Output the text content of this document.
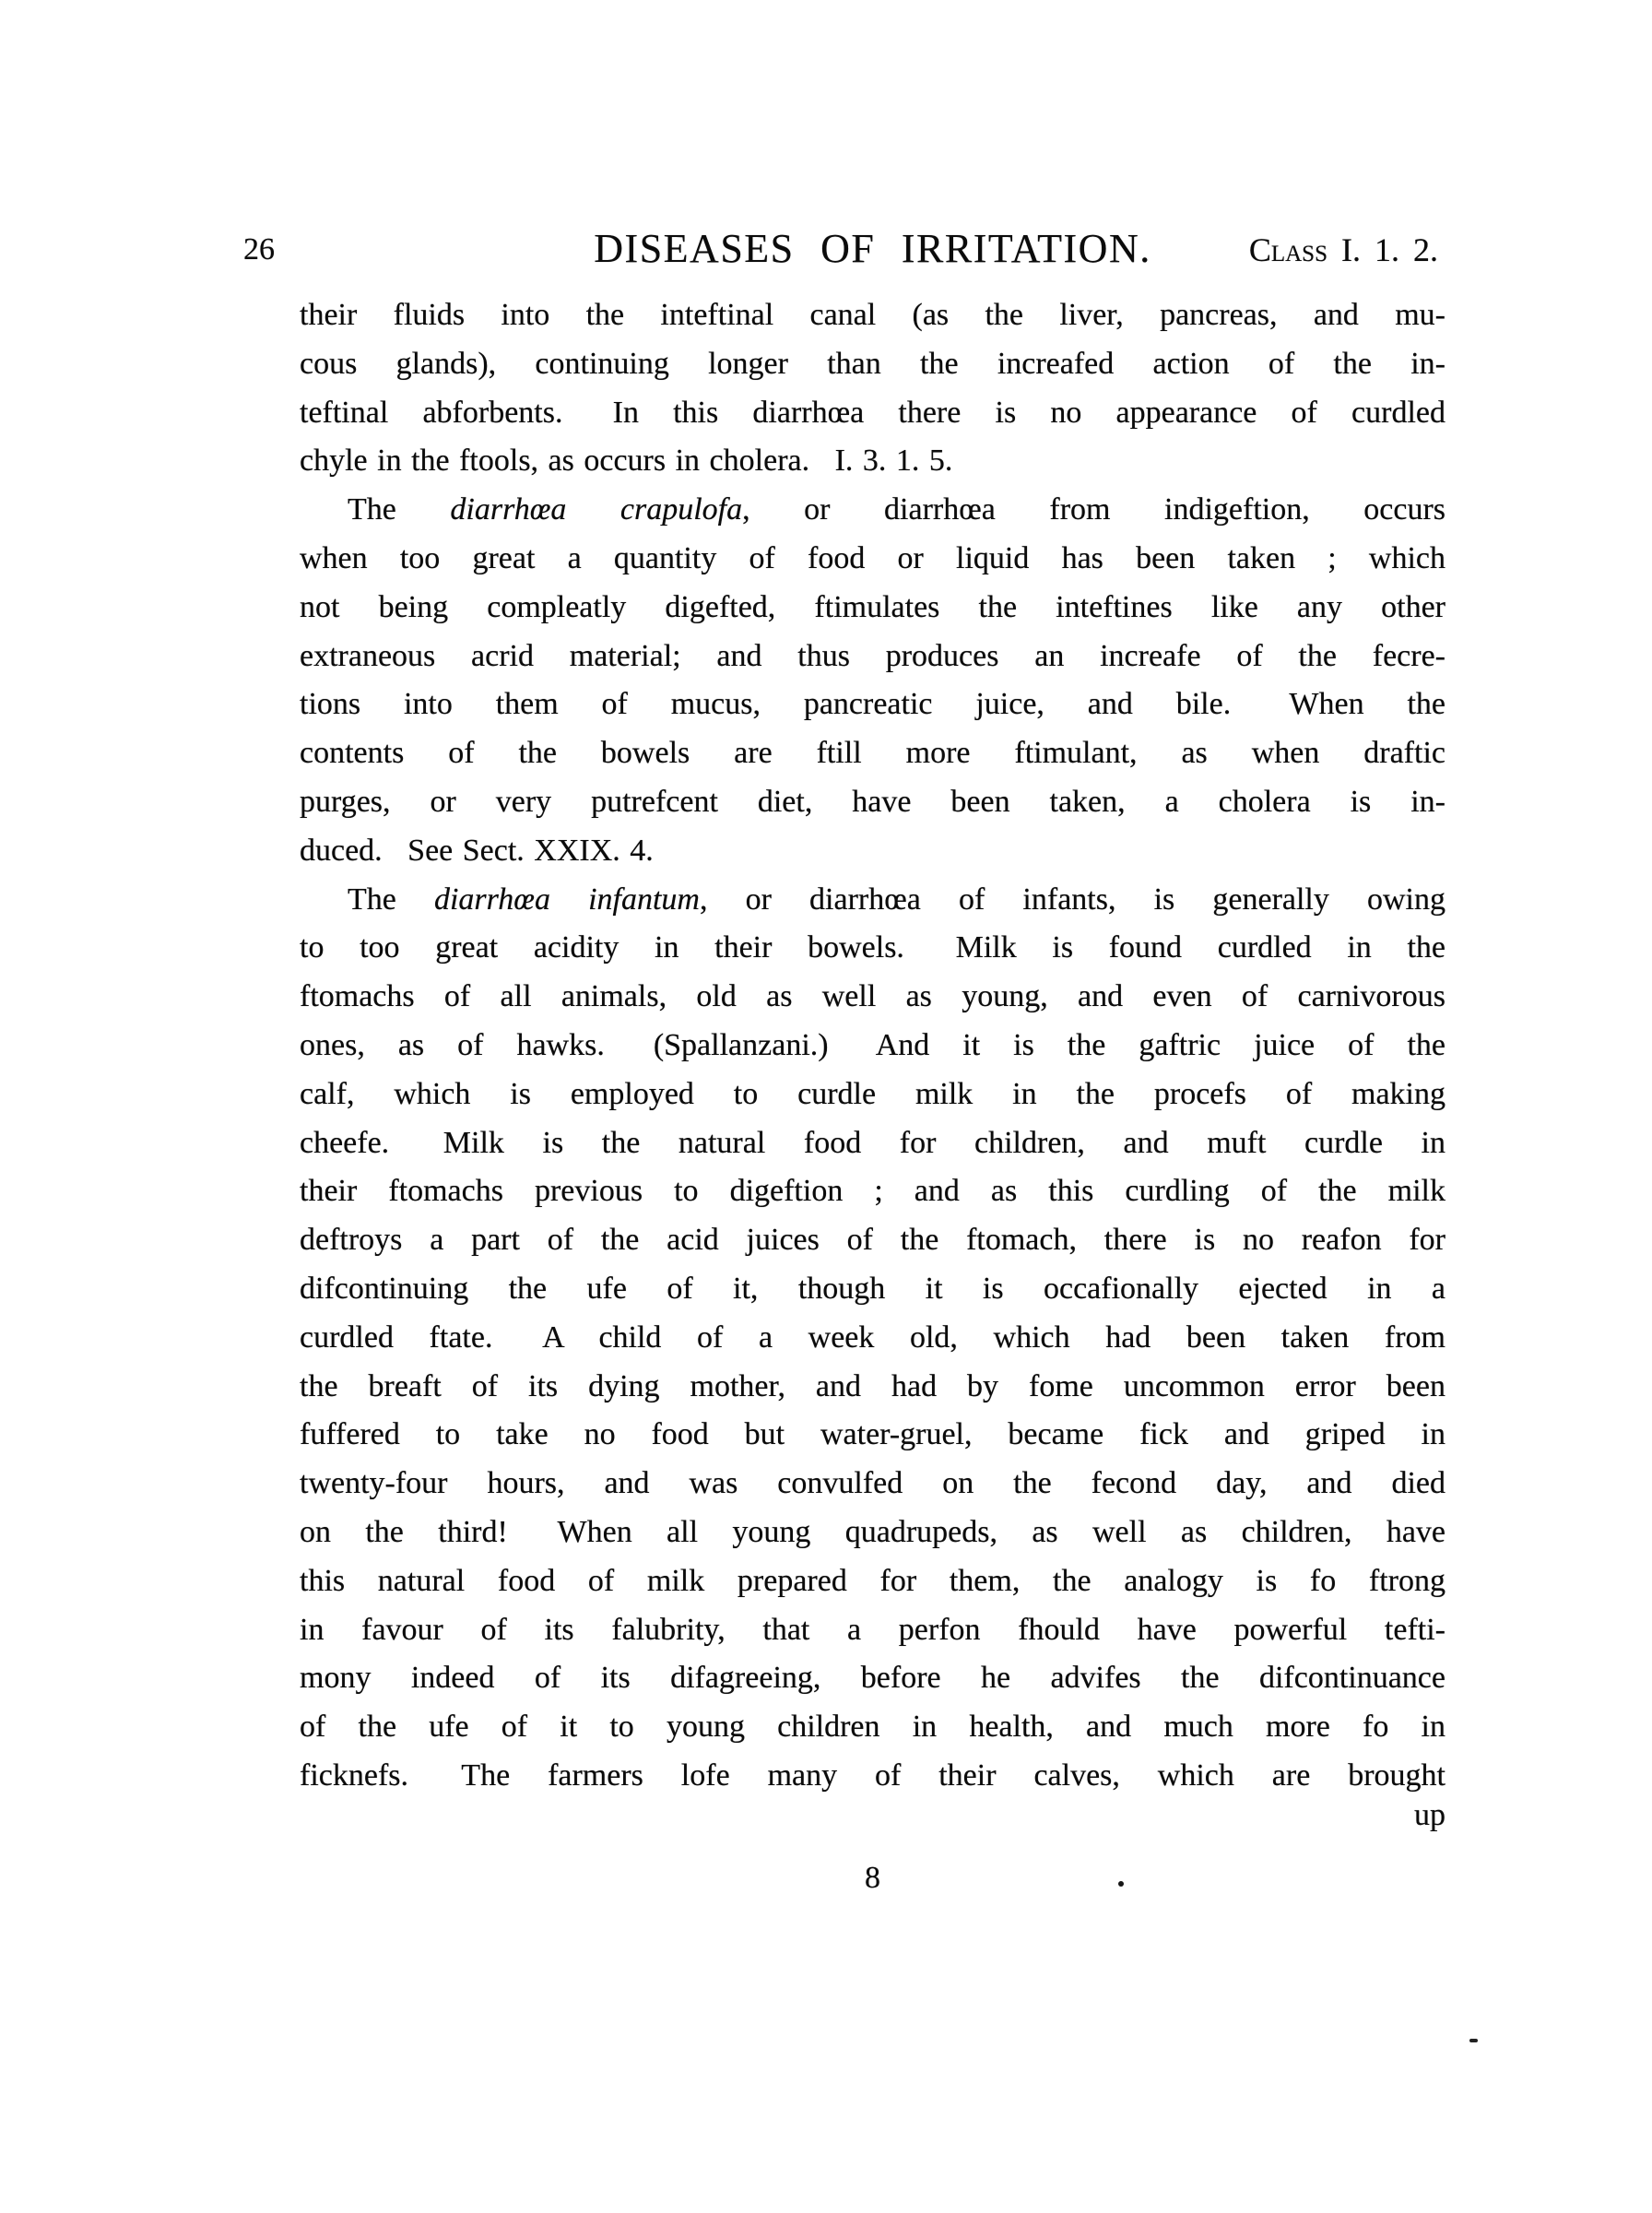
26	DISEASES OF IRRITATION.	Class I. 1. 2.
their fluids into the inteftinal canal (as the liver, pancreas, and mu-
cous glands), continuing longer than the increafed action of the in-
teftinal abforbents.  In this diarrhœa there is no appearance of curdled
chyle in the ftools, as occurs in cholera.  I. 3. 1. 5.
The diarrhœa crapulofa, or diarrhœa from indigeftion, occurs
when too great a quantity of food or liquid has been taken ; which
not being compleatly digefted, ftimulates the inteftines like any other
extraneous acrid material; and thus produces an increafe of the fecre-
tions into them of mucus, pancreatic juice, and bile.  When the
contents of the bowels are ftill more ftimulant, as when draftic
purges, or very putrefcent diet, have been taken, a cholera is in-
duced.  See Sect. XXIX. 4.
The diarrhœa infantum, or diarrhœa of infants, is generally owing
to too great acidity in their bowels.  Milk is found curdled in the
ftomachs of all animals, old as well as young, and even of carnivorous
ones, as of hawks.  (Spallanzani.)  And it is the gaftric juice of the
calf, which is employed to curdle milk in the procefs of making
cheefe.  Milk is the natural food for children, and muft curdle in
their ftomachs previous to digeftion ; and as this curdling of the milk
deftroys a part of the acid juices of the ftomach, there is no reafon for
difcontinuing the ufe of it, though it is occafionally ejected in a
curdled ftate.  A child of a week old, which had been taken from
the breaft of its dying mother, and had by fome uncommon error been
fuffered to take no food but water-gruel, became fick and griped in
twenty-four hours, and was convulfed on the fecond day, and died
on the third!  When all young quadrupeds, as well as children, have
this natural food of milk prepared for them, the analogy is fo ftrong
in favour of its falubrity, that a perfon fhould have powerful tefti-
mony indeed of its difagreeing, before he advifes the difcontinuance
of the ufe of it to young children in health, and much more fo in
ficknefs.  The farmers lofe many of their calves, which are brought
up
8
